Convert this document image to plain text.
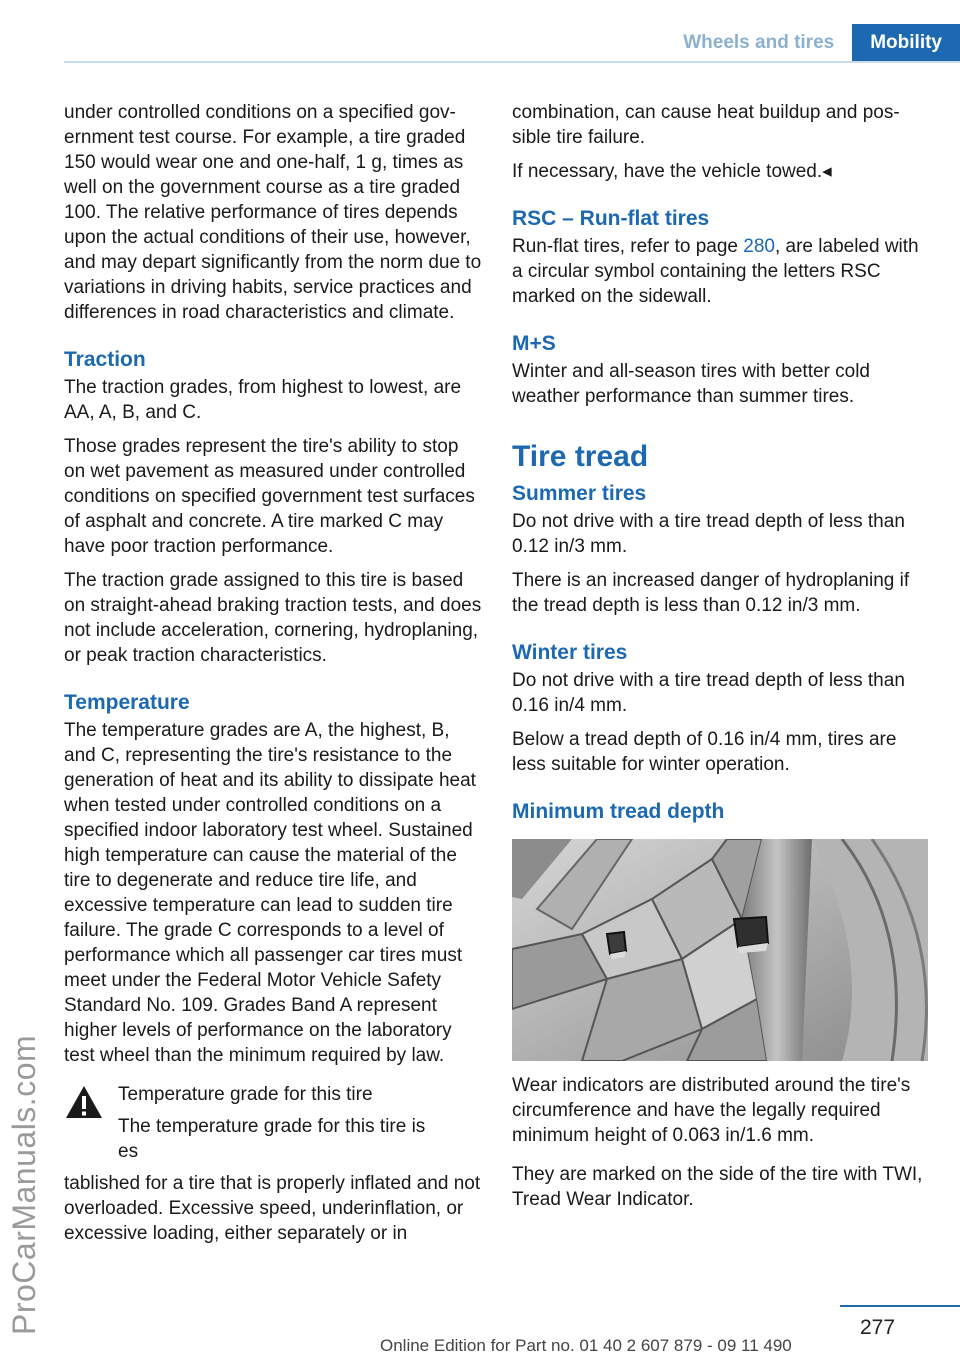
Wheels and tires	Mobility
ProCarManuals.com

under controlled conditions on a specified government test course. For example, a tire graded 150 would wear one and one-half, 1 g, times as well on the government course as a tire graded 100. The relative performance of tires depends upon the actual conditions of their use, however, and may depart significantly from the norm due to variations in driving habits, service practices and differences in road characteristics and climate.

Traction

The traction grades, from highest to lowest, are AA, A, B, and C.

Those grades represent the tire's ability to stop on wet pavement as measured under controlled conditions on specified government test surfaces of asphalt and concrete. A tire marked C may have poor traction performance.

The traction grade assigned to this tire is based on straight-ahead braking traction tests, and does not include acceleration, cornering, hydroplaning, or peak traction characteristics.

Temperature

The temperature grades are A, the highest, B, and C, representing the tire's resistance to the generation of heat and its ability to dissipate heat when tested under controlled conditions on a specified indoor laboratory test wheel. Sustained high temperature can cause the material of the tire to degenerate and reduce tire life, and excessive temperature can lead to sudden tire failure. The grade C corresponds to a level of performance which all passenger car tires must meet under the Federal Motor Vehicle Safety Standard No. 109. Grades Band A represent higher levels of performance on the laboratory test wheel than the minimum required by law.

Temperature grade for this tire

The temperature grade for this tire is es

tablished for a tire that is properly inflated and not overloaded. Excessive speed, underinflation, or excessive loading, either separately or in

combination, can cause heat buildup and possible tire failure.

If necessary, have the vehicle towed.◂

RSC – Run-flat tires

Run-flat tires, refer to page 280, are labeled with a circular symbol containing the letters RSC marked on the sidewall.

M+S

Winter and all-season tires with better cold weather performance than summer tires.

Tire tread
Summer tires

Do not drive with a tire tread depth of less than 0.12 in/3 mm.

There is an increased danger of hydroplaning if the tread depth is less than 0.12 in/3 mm.

Winter tires

Do not drive with a tire tread depth of less than 0.16 in/4 mm.

Below a tread depth of 0.16 in/4 mm, tires are less suitable for winter operation.

Minimum tread depth

Wear indicators are distributed around the tire's circumference and have the legally required minimum height of 0.063 in/1.6 mm.

They are marked on the side of the tire with TWI, Tread Wear Indicator.

277
Online Edition for Part no. 01 40 2 607 879 - 09 11 490
